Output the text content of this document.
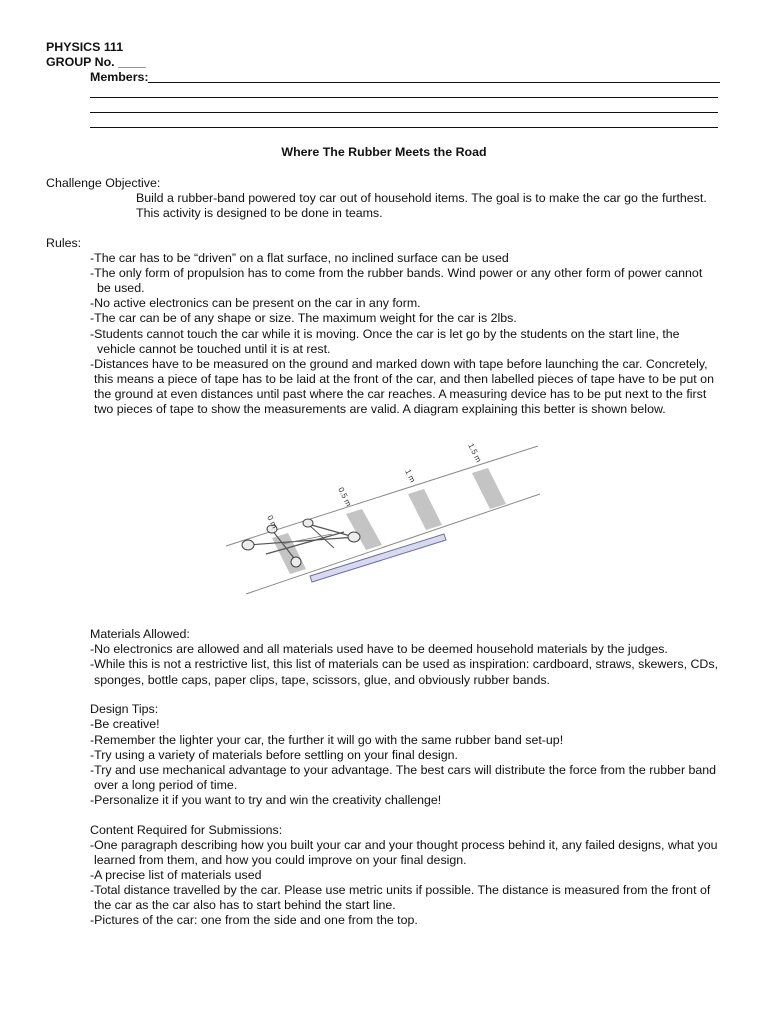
PHYSICS 111
GROUP No. ____
Members:
Where The Rubber Meets the Road
Challenge Objective:
Build a rubber-band powered toy car out of household items. The goal is to make the car go the furthest.
This activity is designed to be done in teams.
Rules:
-The car has to be “driven” on a flat surface, no inclined surface can be used
-The only form of propulsion has to come from the rubber bands. Wind power or any other form of power cannot
be used.
-No active electronics can be present on the car in any form.
-The car can be of any shape or size. The maximum weight for the car is 2lbs.
-Students cannot touch the car while it is moving. Once the car is let go by the students on the start line, the
vehicle cannot be touched until it is at rest.
-Distances have to be measured on the ground and marked down with tape before launching the car. Concretely,
this means a piece of tape has to be laid at the front of the car, and then labelled pieces of tape have to be put on
the ground at even distances until past where the car reaches. A measuring device has to be put next to the first
two pieces of tape to show the measurements are valid. A diagram explaining this better is shown below.
0 m
0.5 m
1 m
1.5 m
Materials Allowed:
-No electronics are allowed and all materials used have to be deemed household materials by the judges.
-While this is not a restrictive list, this list of materials can be used as inspiration: cardboard, straws, skewers, CDs,
sponges, bottle caps, paper clips, tape, scissors, glue, and obviously rubber bands.
Design Tips:
-Be creative!
-Remember the lighter your car, the further it will go with the same rubber band set-up!
-Try using a variety of materials before settling on your final design.
-Try and use mechanical advantage to your advantage. The best cars will distribute the force from the rubber band
over a long period of time.
-Personalize it if you want to try and win the creativity challenge!
Content Required for Submissions:
-One paragraph describing how you built your car and your thought process behind it, any failed designs, what you
learned from them, and how you could improve on your final design.
-A precise list of materials used
-Total distance travelled by the car. Please use metric units if possible. The distance is measured from the front of
the car as the car also has to start behind the start line.
-Pictures of the car: one from the side and one from the top.
